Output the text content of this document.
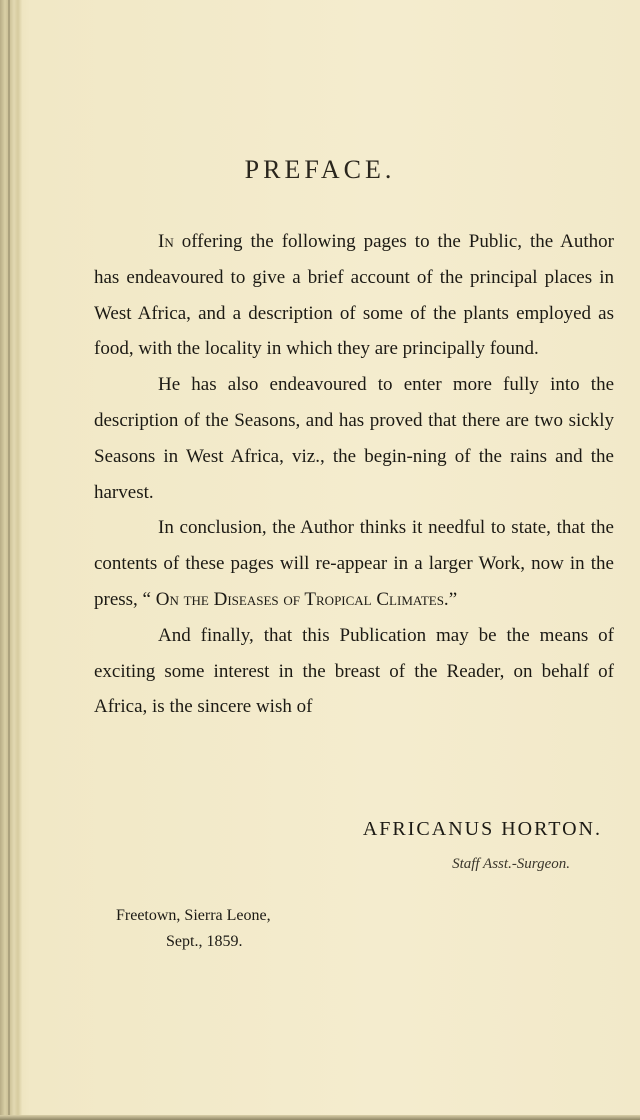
PREFACE.

In offering the following pages to the Public, the Author has endeavoured to give a brief account of the principal places in West Africa, and a description of some of the plants employed as food, with the locality in which they are principally found.

He has also endeavoured to enter more fully into the description of the Seasons, and has proved that there are two sickly Seasons in West Africa, viz., the begin-ning of the rains and the harvest.

In conclusion, the Author thinks it needful to state, that the contents of these pages will re-appear in a larger Work, now in the press, “ On the Diseases of Tropical Climates.”

And finally, that this Publication may be the means of exciting some interest in the breast of the Reader, on behalf of Africa, is the sincere wish of

AFRICANUS HORTON.
Staff Asst.-Surgeon.
Freetown, Sierra Leone,
Sept., 1859.
